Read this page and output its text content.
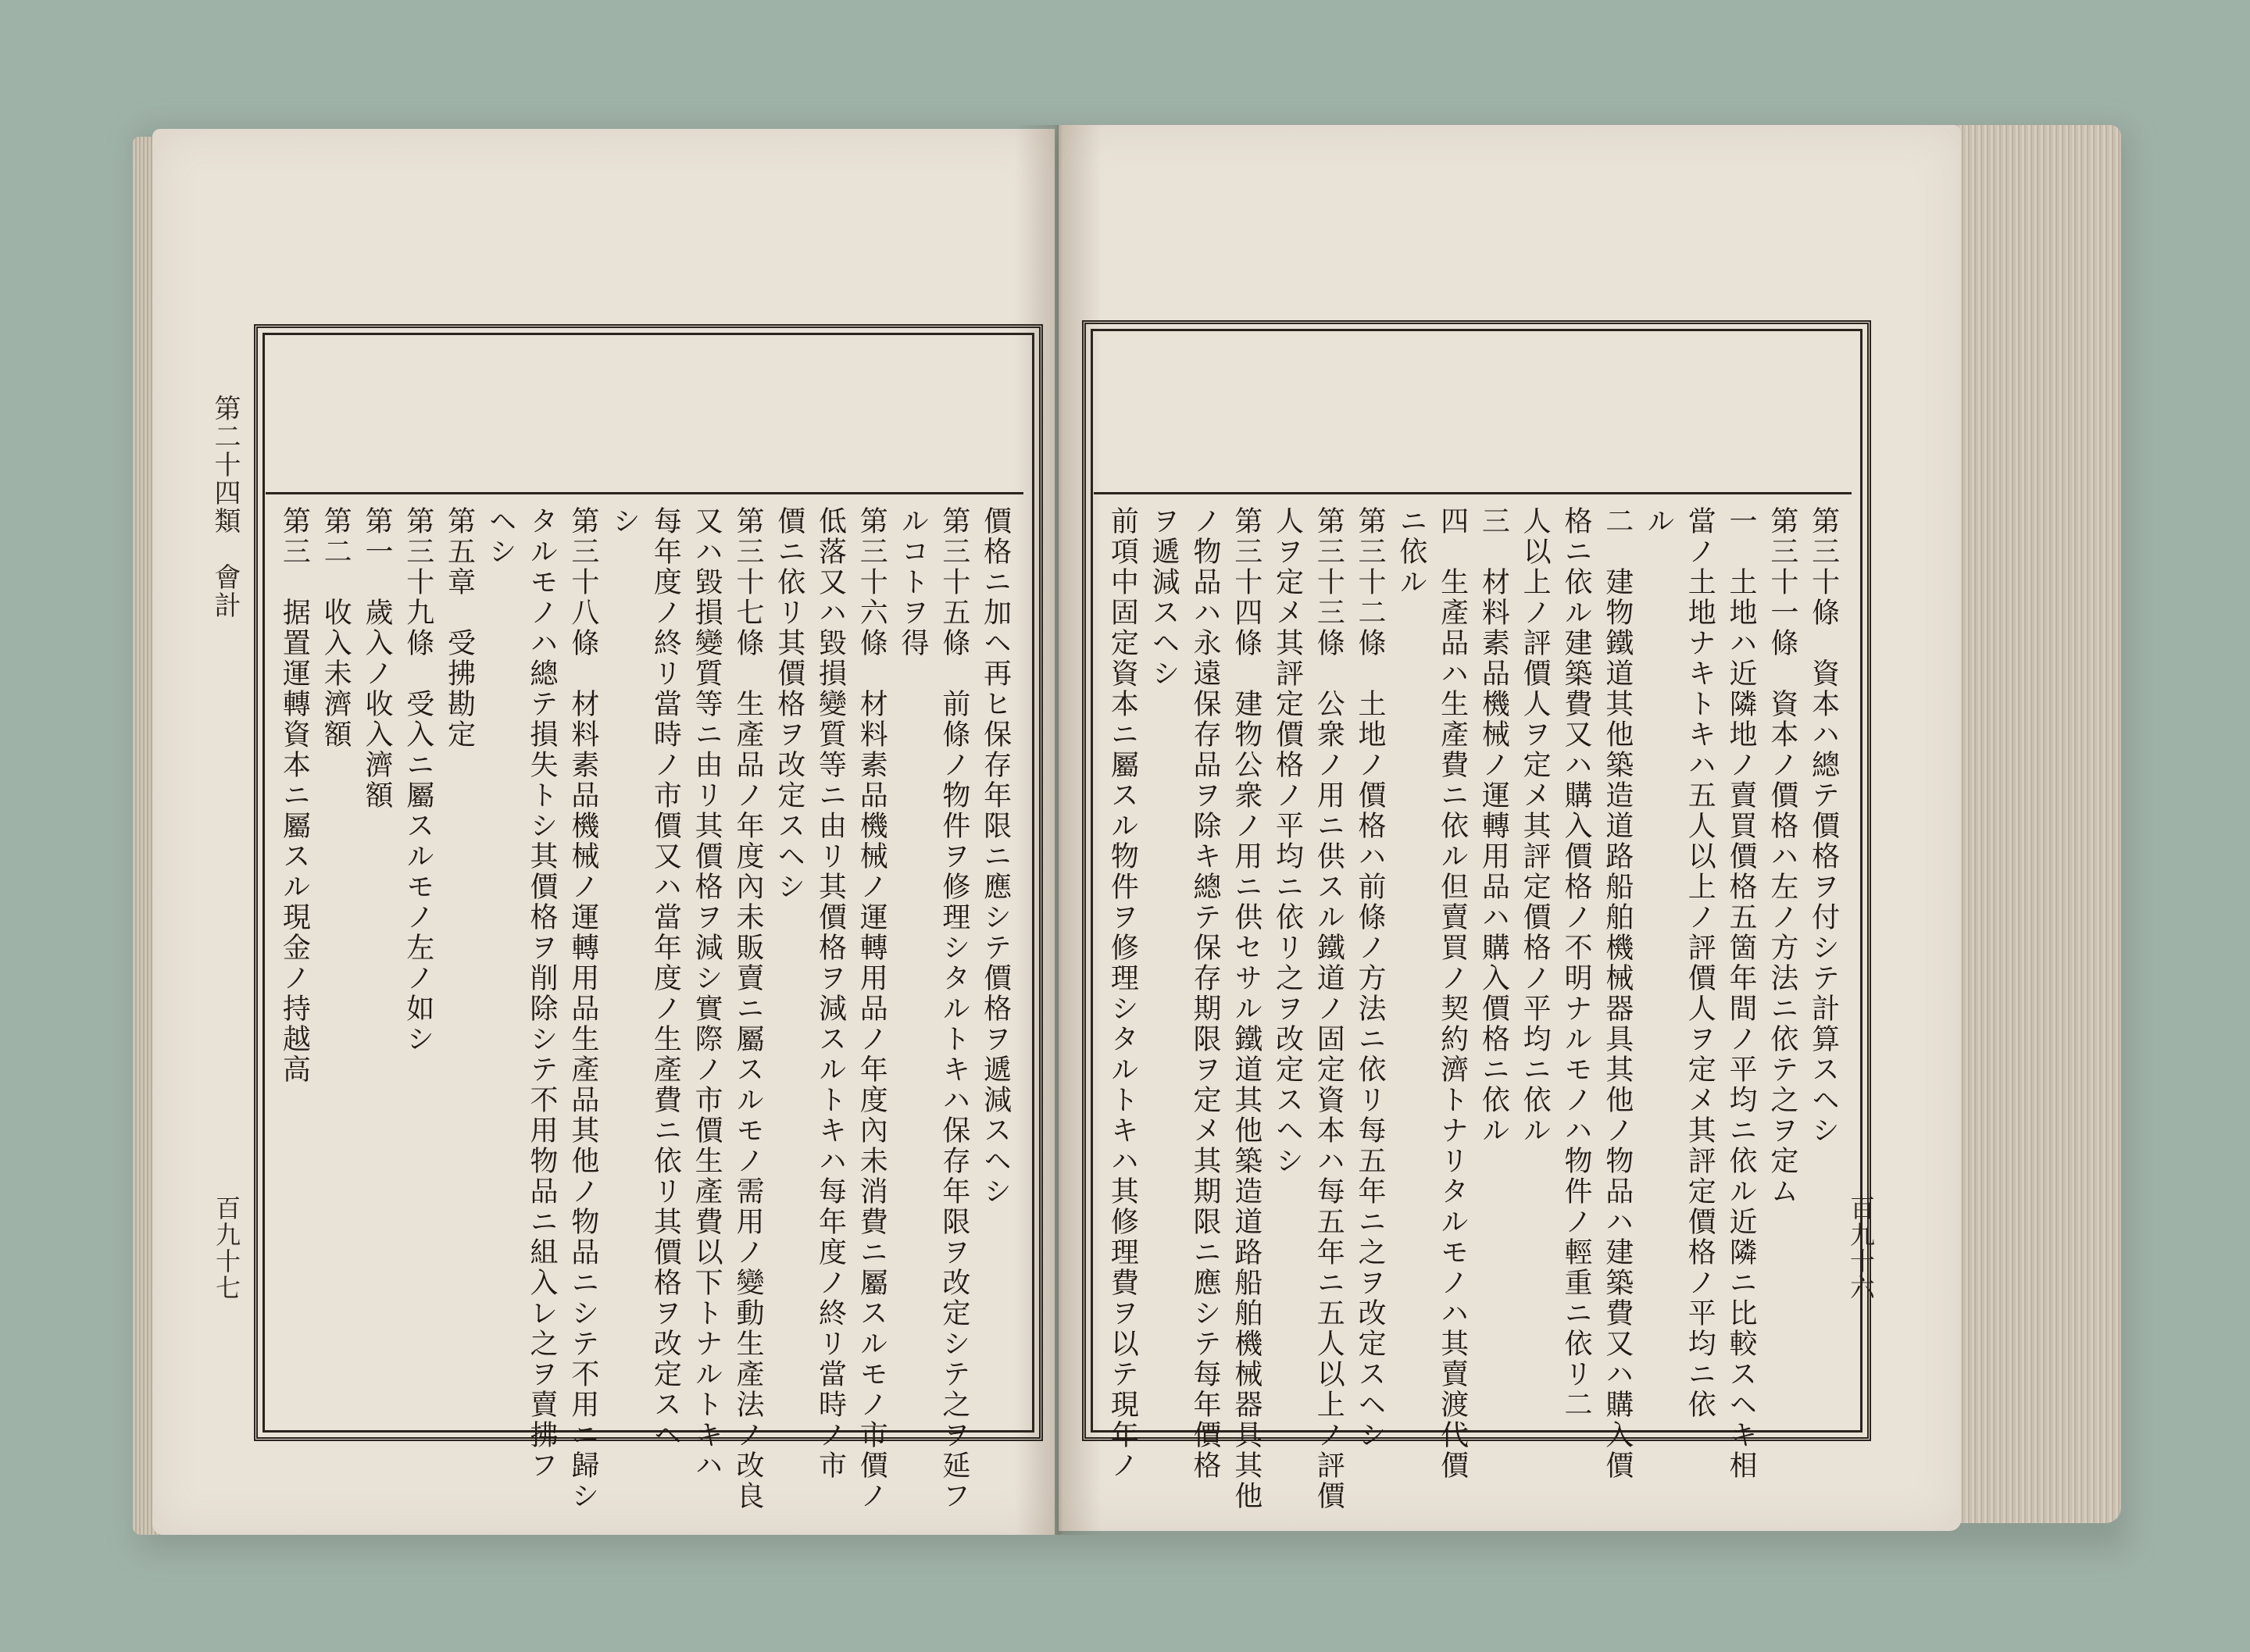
第二十四類　會計
百九十七	百九十六
價格ニ加ヘ再ヒ保存年限ニ應シテ價格ヲ遞減スヘシ
第三十五條　前條ノ物件ヲ修理シタルトキハ保存年限ヲ改定シテ之ヲ延フ
ルコトヲ得
第三十六條　材料素品機械ノ運轉用品ノ年度內未消費ニ屬スルモノ市價ノ
低落又ハ毀損變質等ニ由リ其價格ヲ減スルトキハ每年度ノ終リ當時ノ市
價ニ依リ其價格ヲ改定スヘシ
第三十七條　生產品ノ年度內未販賣ニ屬スルモノ需用ノ變動生產法ノ改良
又ハ毀損變質等ニ由リ其價格ヲ減シ實際ノ市價生產費以下トナルトキハ
每年度ノ終リ當時ノ市價又ハ當年度ノ生產費ニ依リ其價格ヲ改定スヘ
シ
第三十八條　材料素品機械ノ運轉用品生產品其他ノ物品ニシテ不用ニ歸シ
タルモノハ總テ損失トシ其價格ヲ削除シテ不用物品ニ組入レ之ヲ賣拂フ
ヘシ
第五章　受拂勘定
第三十九條　受入ニ屬スルモノ左ノ如シ
第一　歲入ノ收入濟額
第二　收入未濟額
第三　据置運轉資本ニ屬スル現金ノ持越高	第三十條　資本ハ總テ價格ヲ付シテ計算スヘシ
第三十一條　資本ノ價格ハ左ノ方法ニ依テ之ヲ定ム
一　土地ハ近隣地ノ賣買價格五箇年間ノ平均ニ依ル近隣ニ比較スヘキ相
當ノ土地ナキトキハ五人以上ノ評價人ヲ定メ其評定價格ノ平均ニ依
ル
二　建物鐵道其他築造道路船舶機械器具其他ノ物品ハ建築費又ハ購入價
格ニ依ル建築費又ハ購入價格ノ不明ナルモノハ物件ノ輕重ニ依リ二
人以上ノ評價人ヲ定メ其評定價格ノ平均ニ依ル
三　材料素品機械ノ運轉用品ハ購入價格ニ依ル
四　生產品ハ生產費ニ依ル但賣買ノ契約濟トナリタルモノハ其賣渡代價
ニ依ル
第三十二條　土地ノ價格ハ前條ノ方法ニ依リ每五年ニ之ヲ改定スヘシ
第三十三條　公衆ノ用ニ供スル鐵道ノ固定資本ハ每五年ニ五人以上ノ評價
人ヲ定メ其評定價格ノ平均ニ依リ之ヲ改定スヘシ
第三十四條　建物公衆ノ用ニ供セサル鐵道其他築造道路船舶機械器具其他
ノ物品ハ永遠保存品ヲ除キ總テ保存期限ヲ定メ其期限ニ應シテ每年價格
ヲ遞減スヘシ
前項中固定資本ニ屬スル物件ヲ修理シタルトキハ其修理費ヲ以テ現年ノ
